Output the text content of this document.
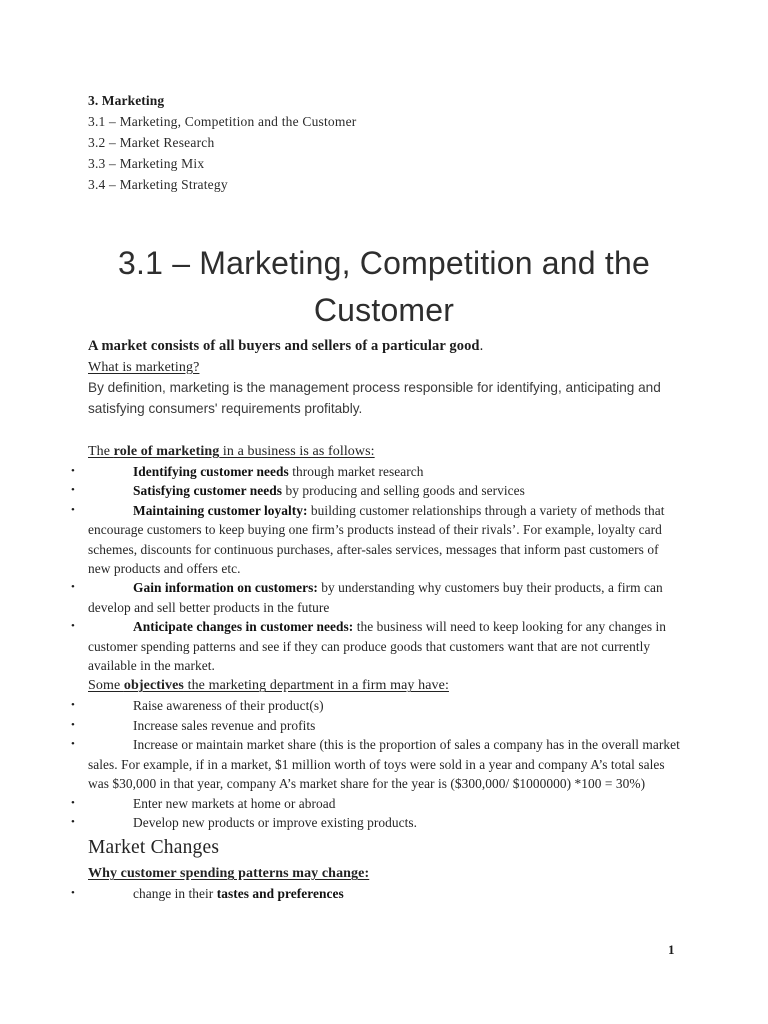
3. Marketing
3.1 – Marketing, Competition and the Customer
3.2 – Market Research
3.3 – Marketing Mix
3.4 – Marketing Strategy
3.1 – Marketing, Competition and the Customer
A market consists of all buyers and sellers of a particular good.
What is marketing?
By definition, marketing is the management process responsible for identifying, anticipating and satisfying consumers' requirements profitably.
The role of marketing in a business is as follows:
•	Identifying customer needs through market research
•	Satisfying customer needs by producing and selling goods and services
•	Maintaining customer loyalty: building customer relationships through a variety of methods that encourage customers to keep buying one firm’s products instead of their rivals’. For example, loyalty card schemes, discounts for continuous purchases, after-sales services, messages that inform past customers of new products and offers etc.
•	Gain information on customers: by understanding why customers buy their products, a firm can develop and sell better products in the future
•	Anticipate changes in customer needs: the business will need to keep looking for any changes in customer spending patterns and see if they can produce goods that customers want that are not currently available in the market.
Some objectives the marketing department in a firm may have:
•	Raise awareness of their product(s)
•	Increase sales revenue and profits
•	Increase or maintain market share (this is the proportion of sales a company has in the overall market sales. For example, if in a market, $1 million worth of toys were sold in a year and company A’s total sales was $30,000 in that year, company A’s market share for the year is ($300,000/ $1000000) *100 = 30%)
•	Enter new markets at home or abroad
•	Develop new products or improve existing products.
Market Changes
Why customer spending patterns may change:
•	change in their tastes and preferences
1
